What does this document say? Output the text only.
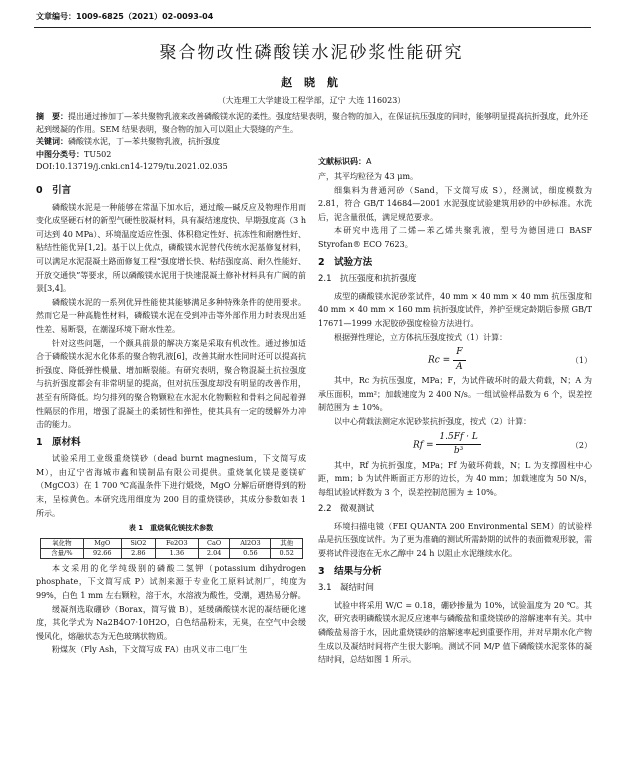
文章编号：1009-6825（2021）02-0093-04
聚合物改性磷酸镁水泥砂浆性能研究
赵 晓 航
（大连理工大学建设工程学部，辽宁 大连 116023）
摘　要：提出通过掺加丁—苯共聚物乳液来改善磷酸镁水泥的柔性。强度结果表明，聚合物的加入，在保证抗压强度的同时，能够明显提高抗折强度，此外还起到缓凝的作用。SEM 结果表明，聚合物的加入可以阻止大裂缝的产生。
关键词：磷酸镁水泥，丁—苯共聚物乳液，抗折强度
中图分类号：TU502
DOI:10.13719/j.cnki.cn14-1279/tu.2021.02.035
文献标识码：A
0　引言

磷酸镁水泥是一种能够在常温下加水后，通过酸—碱反应及物理作用而变化成坚硬石材的新型气硬性胶凝材料，具有凝结速度快、早期强度高（3 h 可达到 40 MPa）、环境温度适应性强、体积稳定性好、抗冻性和耐磨性好、粘结性能优异[1,2]。基于以上优点，磷酸镁水泥替代传统水泥基修复材料，可以满足水泥混凝土路面修复工程“强度增长快、粘结强度高、耐久性能好、开放交通快”等要求，所以磷酸镁水泥用于快速混凝土修补材料具有广阔的前景[3,4]。

磷酸镁水泥的一系列优异性能使其能够满足多种特殊条件的使用要求。然而它是一种高脆性材料，磷酸镁水泥在受到冲击等外部作用力时表现出延性差、易断裂，在潮湿环境下耐水性差。

针对这些问题，一个颇具前景的解决方案是采取有机改性。通过掺加适合于磷酸镁水泥水化体系的聚合物乳液[6]，改善其耐水性同时还可以提高抗折强度、降低弹性模量、增加断裂能。有研究表明，聚合物混凝土抗拉强度与抗折强度都会有非常明显的提高，但对抗压强度却没有明显的改善作用，甚至有所降低。均匀排列的聚合物颗粒在水泥水化物颗粒和骨料之间起着弹性隔层的作用，增强了混凝土的柔韧性和弹性，使其具有一定的缓解外力冲击的能力。

1　原材料

试验采用工业级重烧镁砂（dead burnt magnesium，下文简写成 M），由辽宁省海城市鑫和镁制品有限公司提供。重烧氧化镁是菱镁矿（MgCO3）在 1 700 ℃高温条件下进行煅烧，MgO 分解后研磨得到的粉末，呈棕黄色。本研究选用细度为 200 目的重烧镁砂，其成分参数如表 1 所示。

表 1　重烧氧化镁技术参数
氧化物	MgO	SiO2	Fe2O3	CaO	Al2O3	其他
含量/%	92.66	2.86	1.36	2.04	0.56	0.52

本文采用的化学纯级别的磷酸二氢钾（potassium dihydrogen phosphate，下文简写成 P）试剂来源于专业化工原料试剂厂，纯度为 99%，白色 1 mm 左右颗粒，溶于水，水溶液为酸性，受潮，遇热易分解。

缓凝剂选取硼砂（Borax，简写做 B），延缓磷酸镁水泥的凝结硬化速度，其化学式为 Na2B4O7·10H2O，白色结晶粉末，无臭，在空气中会缓慢风化，熔融状态为无色玻璃状物质。

粉煤灰（Fly Ash，下文简写成 FA）由巩义市二电厂生

产，其平均粒径为 43 μm。

细集料为普通河砂（Sand，下文简写成 S），经测试，细度模数为 2.81，符合 GB/T 14684—2001 水泥强度试验建筑用砂的中砂标准。水洗后，泥含量很低，满足规范要求。

本研究中选用了二烯—苯乙烯共聚乳液，型号为德国进口 BASF Styrofan® ECO 7623。

2　试验方法
2.1　抗压强度和抗折强度

成型的磷酸镁水泥砂浆试件，40 mm × 40 mm × 40 mm 抗压强度和 40 mm × 40 mm × 160 mm 抗折强度试件，养护至规定龄期后参照 GB/T 17671—1999 水泥胶砂强度检验方法进行。

根据弹性理论，立方体抗压强度按式（1）计算：

$Rc = \frac{F}{A}$	（1）

其中，Rc 为抗压强度，MPa；F，为试件破坏时的最大荷载，N；A 为承压面积，mm²；加载速度为 2 400 N/s。一组试验样品数为 6 个，误差控制范围为 ± 10%。

以中心荷载法测定水泥砂浆抗折强度，按式（2）计算：

$Rf = \frac{1.5Ff \cdot L}{\text{b³}}$	（2）

其中，Rf 为抗折强度，MPa；Ff 为破坏荷载，N；L 为支撑圆柱中心距，mm；b 为试件断面正方形的边长，为 40 mm；加载速度为 50 N/s，每组试验试样数为 3 个，误差控制范围为 ± 10%。

2.2　微观测试

环境扫描电镜（FEI QUANTA 200 Environmental SEM）的试验样品是抗压强度试件。为了更为准确的测试所需龄期的试件的表面微观形貌，需要将试件浸泡在无水乙醇中 24 h 以阻止水泥继续水化。

3　结果与分析
3.1　凝结时间

试验中将采用 W/C = 0.18，硼砂掺量为 10%，试验温度为 20 ℃。其次，研究表明磷酸镁水泥反应速率与磷酸盐和重烧镁砂的溶解速率有关。其中磷酸盐易溶于水，因此重烧镁砂的溶解速率起到重要作用，并对早期水化产物生成以及凝结时间将产生很大影响。测试不同 M/P 值下磷酸镁水泥浆体的凝结时间，总结如图 1 所示。
